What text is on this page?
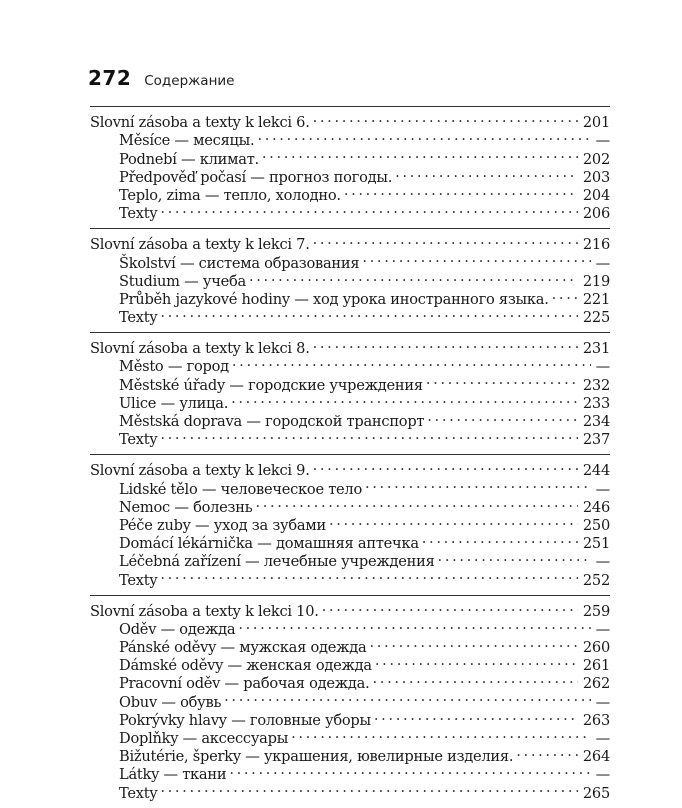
272 Содержание
Slovní zásoba a texty k lekci 6. . . .	201
Měsíce — месяцы. . . .	—
Podnebí — климат. . . .	202
Předpověď počasí — прогноз погоды. . . .	203
Teplo, zima — тепло, холодно. . . .	204
Texty . . .	206
Slovní zásoba a texty k lekci 7. . . .	216
Školství — система образования . . .	—
Studium — учеба . . .	219
Průběh jazykové hodiny — ход урока иностранного языка. . . . 221
Texty . . .	225
Slovní zásoba a texty k lekci 8. . . .	231
Město — город . . .	—
Městské úřady — городские учреждения . . .	232
Ulice — улица. . . .	233
Městská doprava — городской транспорт . . .	234
Texty . . .	237
Slovní zásoba a texty k lekci 9. . . .	244
Lidské tělo — человеческое тело . . .	—
Nemoc — болезнь . . .	246
Péče zuby — уход за зубами . . .	250
Domácí lékárnička — домашняя аптечка . . .	251
Léčebná zařízení — лечебные учреждения . . .	—
Texty . . .	252
Slovní zásoba a texty k lekci 10. . . .	259
Oděv — одежда . . .	—
Pánské oděvy — мужская одежда . . .	260
Dámské oděvy — женская одежда . . .	261
Pracovní oděv — рабочая одежда. . . .	262
Obuv — обувь . . .	—
Pokrývky hlavy — головные уборы . . .	263
Doplňky — аксессуары . . .	—
Bižutérie, šperky — украшения, ювелирные изделия. . . .	264
Látky — ткани . . .	—
Texty . . .	265
